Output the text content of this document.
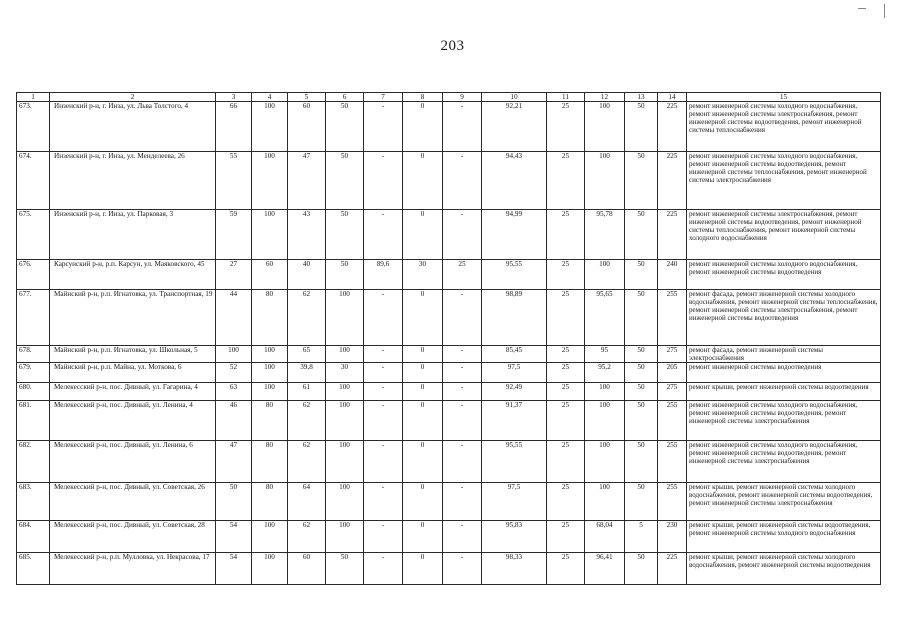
203
1	2	3	4	5	6	7	8	9	10	11	12	13	14	15
673.	Инзенский р-н, г. Инза, ул. Льва Толстого, 4	66	100	60	50	-	0	-	92,21	25	100	50	225	ремонт инженерной системы холодного водоснабжения, ремонт инженерной системы электроснабжения, ремонт инженерной системы водоотведения, ремонт инженерной системы теплоснабжения
674.	Инзенский р-н, г. Инза, ул. Менделеева, 26	55	100	47	50	-	0	-	94,43	25	100	50	225	ремонт инженерной системы холодного водоснабжения, ремонт инженерной системы водоотведения, ремонт инженерной системы теплоснабжения, ремонт инженерной системы электроснабжения
675.	Инзенский р-н, г. Инза, ул. Парковая, 3	59	100	43	50	-	0	-	94,99	25	95,78	50	225	ремонт инженерной системы электроснабжения, ремонт инженерной системы водоотведения, ремонт инженерной системы теплоснабжения, ремонт инженерной системы холодного водоснабжения
676.	Карсунский р-н, р.п. Карсун, ул. Маяковского, 45	27	60	40	50	89,6	30	25	95,55	25	100	50	240	ремонт инженерной системы холодного водоснабжения, ремонт инженерной системы водоотведения
677.	Майнский р-н, р.п. Игнатовка, ул. Транспортная, 19	44	80	62	100	-	0	-	98,89	25	95,65	50	255	ремонт фасада, ремонт инженерной системы холодного водоснабжения, ремонт инженерной системы теплоснабжения, ремонт инженерной системы электроснабжения, ремонт инженерной системы водоотведения
678.	Майнский р-н, р.п. Игнатовка, ул. Школьная, 5	100	100	65	100	-	0	-	85,45	25	95	50	275	ремонт фасада, ремонт инженерной системы электроснабжения
679.	Майнский р-н, р.п. Майна, ул. Моткова, 6	52	100	39,8	30	-	0	-	97,5	25	95,2	50	205	ремонт инженерной системы водоотведения
680.	Мелекесский р-н, пос. Дивный, ул. Гагарина, 4	63	100	61	100	-	0	-	92,49	25	100	50	275	ремонт крыши, ремонт инженерной системы водоотведения
681.	Мелекесский р-н, пос. Дивный, ул. Ленина, 4	46	80	62	100	-	0	-	91,37	25	100	50	255	ремонт инженерной системы холодного водоснабжения, ремонт инженерной системы водоотведения, ремонт инженерной системы электроснабжения
682.	Мелекесский р-н, пос. Дивный, ул. Ленина, 6	47	80	62	100	-	0	-	95,55	25	100	50	255	ремонт инженерной системы холодного водоснабжения, ремонт инженерной системы водоотведения, ремонт инженерной системы электроснабжения
683.	Мелекесский р-н, пос. Дивный, ул. Советская, 26	50	80	64	100	-	0	-	97,5	25	100	50	255	ремонт крыши, ремонт инженерной системы холодного водоснабжения, ремонт инженерной системы водоотведения, ремонт инженерной системы электроснабжения
684.	Мелекесский р-н, пос. Дивный, ул. Советская, 28	54	100	62	100	-	0	-	95,83	25	68,04	5	230	ремонт крыши, ремонт инженерной системы водоотведения, ремонт инженерной системы холодного водоснабжения
685.	Мелекесский р-н, р.п. Мулловка, ул. Некрасова, 17	54	100	60	50	-	0	-	98,33	25	96,41	50	225	ремонт крыши, ремонт инженерной системы холодного водоснабжения, ремонт инженерной системы водоотведения
